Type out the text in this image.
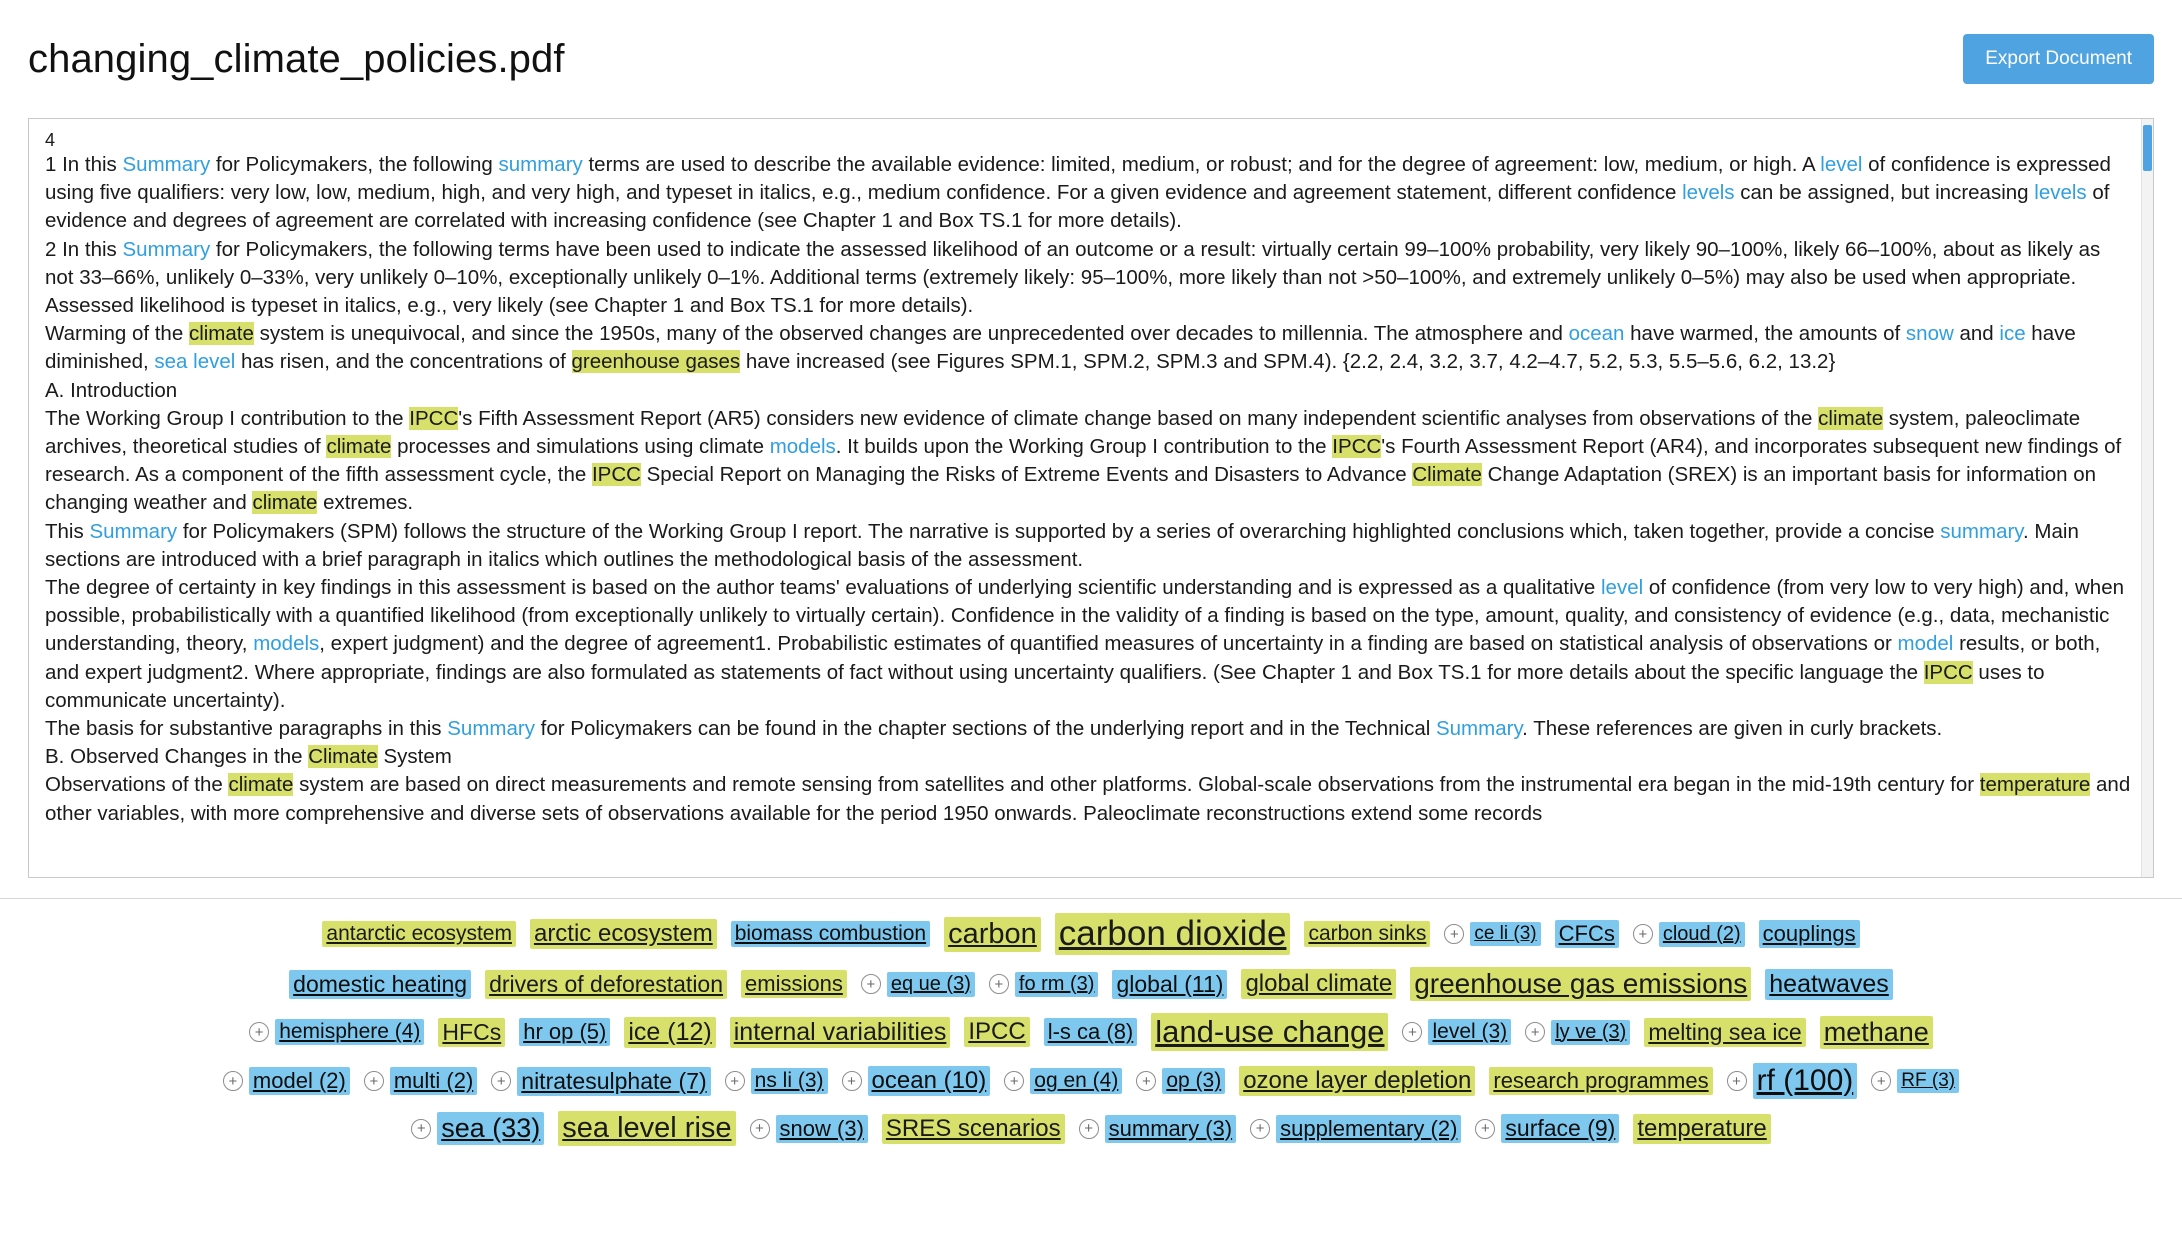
changing_climate_policies.pdf	Export Document

4

1 In this Summary for Policymakers, the following summary terms are used to describe the available evidence: limited, medium, or robust; and for the degree of agreement: low, medium, or high. A level of confidence is expressed using five qualifiers: very low, low, medium, high, and very high, and typeset in italics, e.g., medium confidence. For a given evidence and agreement statement, different confidence levels can be assigned, but increasing levels of evidence and degrees of agreement are correlated with increasing confidence (see Chapter 1 and Box TS.1 for more details).

2 In this Summary for Policymakers, the following terms have been used to indicate the assessed likelihood of an outcome or a result: virtually certain 99–100% probability, very likely 90–100%, likely 66–100%, about as likely as not 33–66%, unlikely 0–33%, very unlikely 0–10%, exceptionally unlikely 0–1%. Additional terms (extremely likely: 95–100%, more likely than not >50–100%, and extremely unlikely 0–5%) may also be used when appropriate. Assessed likelihood is typeset in italics, e.g., very likely (see Chapter 1 and Box TS.1 for more details).

Warming of the climate system is unequivocal, and since the 1950s, many of the observed changes are unprecedented over decades to millennia. The atmosphere and ocean have warmed, the amounts of snow and ice have diminished, sea level has risen, and the concentrations of greenhouse gases have increased (see Figures SPM.1, SPM.2, SPM.3 and SPM.4). {2.2, 2.4, 3.2, 3.7, 4.2–4.7, 5.2, 5.3, 5.5–5.6, 6.2, 13.2}

A. Introduction

The Working Group I contribution to the IPCC's Fifth Assessment Report (AR5) considers new evidence of climate change based on many independent scientific analyses from observations of the climate system, paleoclimate archives, theoretical studies of climate processes and simulations using climate models. It builds upon the Working Group I contribution to the IPCC's Fourth Assessment Report (AR4), and incorporates subsequent new findings of research. As a component of the fifth assessment cycle, the IPCC Special Report on Managing the Risks of Extreme Events and Disasters to Advance Climate Change Adaptation (SREX) is an important basis for information on changing weather and climate extremes.

This Summary for Policymakers (SPM) follows the structure of the Working Group I report. The narrative is supported by a series of overarching highlighted conclusions which, taken together, provide a concise summary. Main sections are introduced with a brief paragraph in italics which outlines the methodological basis of the assessment.

The degree of certainty in key findings in this assessment is based on the author teams' evaluations of underlying scientific understanding and is expressed as a qualitative level of confidence (from very low to very high) and, when possible, probabilistically with a quantified likelihood (from exceptionally unlikely to virtually certain). Confidence in the validity of a finding is based on the type, amount, quality, and consistency of evidence (e.g., data, mechanistic understanding, theory, models, expert judgment) and the degree of agreement1. Probabilistic estimates of quantified measures of uncertainty in a finding are based on statistical analysis of observations or model results, or both, and expert judgment2. Where appropriate, findings are also formulated as statements of fact without using uncertainty qualifiers. (See Chapter 1 and Box TS.1 for more details about the specific language the IPCC uses to communicate uncertainty).

The basis for substantive paragraphs in this Summary for Policymakers can be found in the chapter sections of the underlying report and in the Technical Summary. These references are given in curly brackets.

B. Observed Changes in the Climate System

Observations of the climate system are based on direct measurements and remote sensing from satellites and other platforms. Global-scale observations from the instrumental era began in the mid-19th century for temperature and other variables, with more comprehensive and diverse sets of observations available for the period 1950 onwards. Paleoclimate reconstructions extend some records

antarctic ecosystem arctic ecosystem biomass combustion carbon carbon dioxide carbon sinks	+ ce li (3) CFCs	+ cloud (2) couplings
domestic heating drivers of deforestation emissions	+ eq ue (3)	+ fo rm (3) global (11) global climate greenhouse gas emissions heatwaves
+ hemisphere (4) HFCs hr op (5) ice (12) internal variabilities IPCC l-s ca (8) land-use change	+ level (3)	+ ly ve (3) melting sea ice methane
+ model (2)	+ multi (2)	+ nitratesulphate (7)	+ ns li (3)	+ ocean (10)	+ og en (4)	+ op (3) ozone layer depletion research programmes	+ rf (100)	+ RF (3)
+ sea (33) sea level rise	+ snow (3) SRES scenarios	+ summary (3)	+ supplementary (2)	+ surface (9) temperature
